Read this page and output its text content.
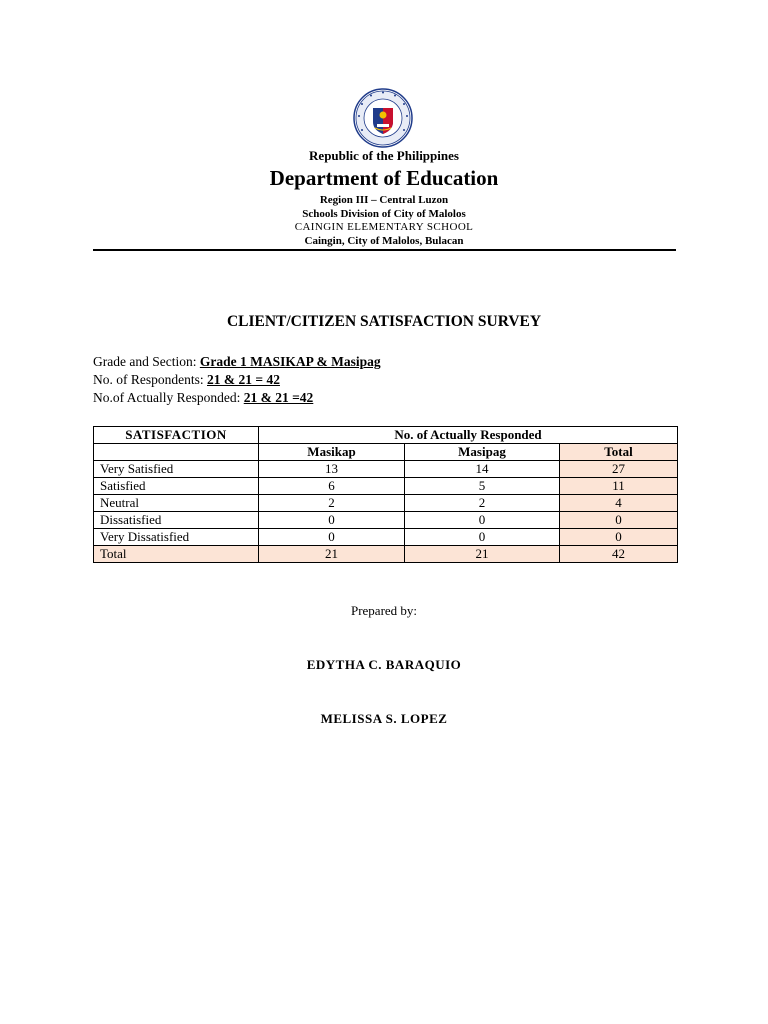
Republic of the Philippines
Department of Education
Region III – Central Luzon
Schools Division of City of Malolos
CAINGIN ELEMENTARY SCHOOL
Caingin, City of Malolos, Bulacan
CLIENT/CITIZEN SATISFACTION SURVEY
Grade and Section: Grade 1 MASIKAP & Masipag
No. of Respondents: 21 & 21 = 42
No.of Actually Responded: 21 & 21 =42
SATISFACTION	No. of Actually Responded		
	Masikap	Masipag	Total
Very Satisfied	13	14	27
Satisfied	6	5	11
Neutral	2	2	4
Dissatisfied	0	0	0
Very Dissatisfied	0	0	0
Total	21	21	42
Prepared by:
EDYTHA C. BARAQUIO
MELISSA S. LOPEZ
